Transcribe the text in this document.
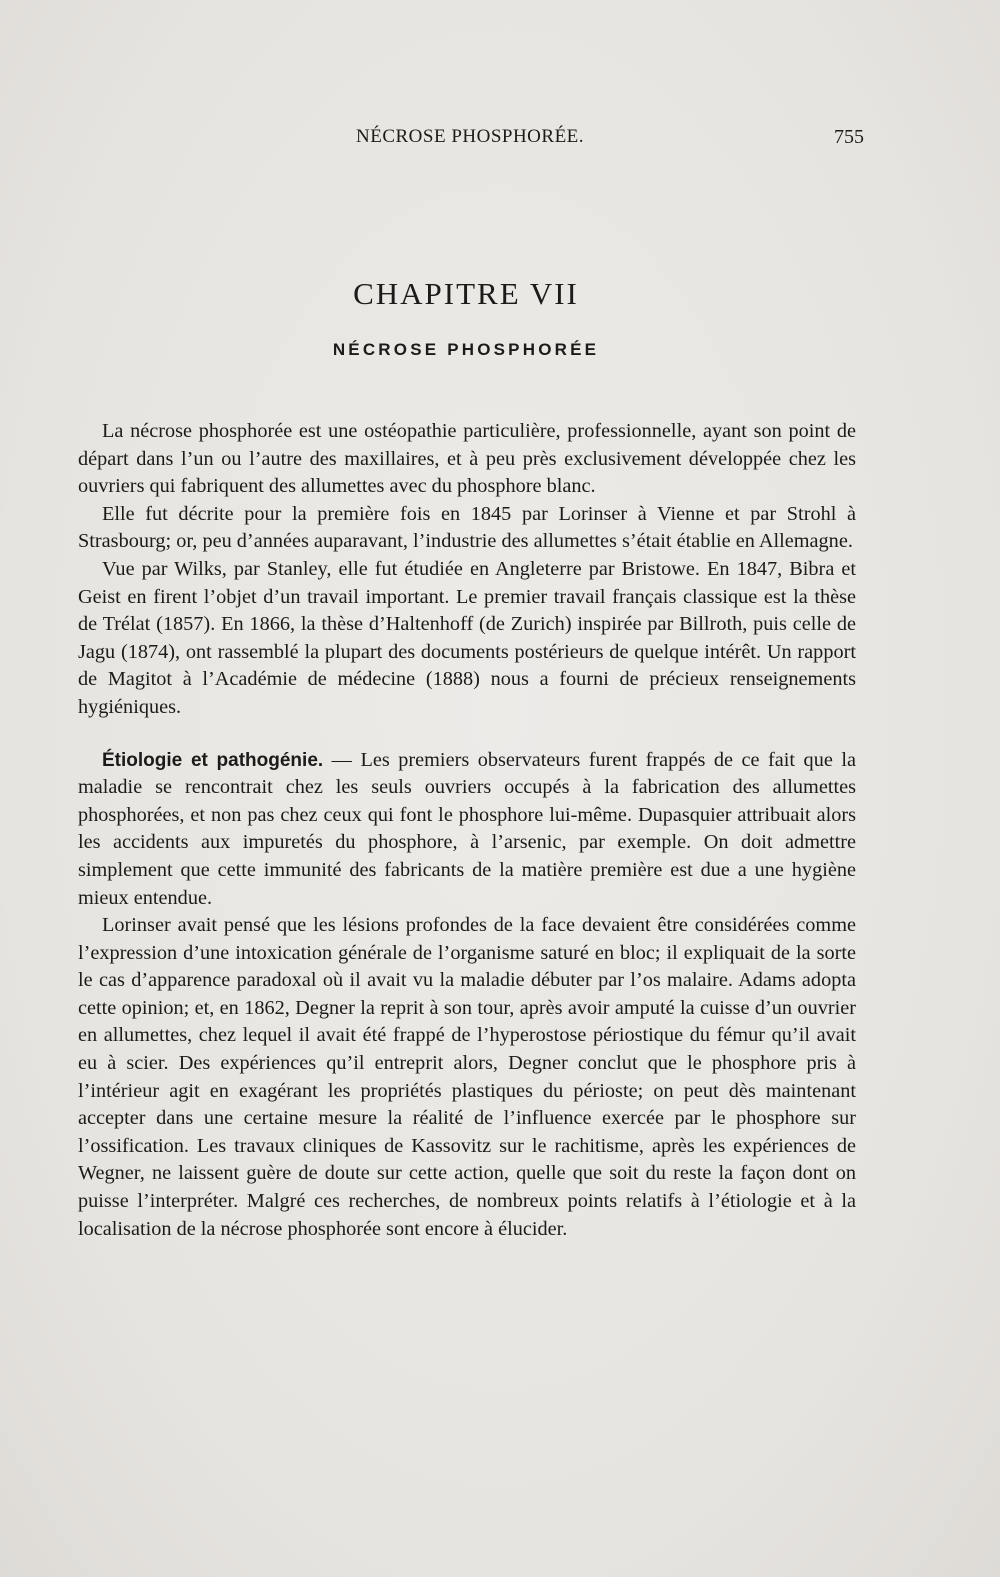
NÉCROSE PHOSPHORÉE.	755
CHAPITRE VII
NÉCROSE PHOSPHORÉE

La nécrose phosphorée est une ostéopathie particulière, professionnelle, ayant son point de départ dans l’un ou l’autre des maxillaires, et à peu près exclusivement développée chez les ouvriers qui fabriquent des allumettes avec du phosphore blanc.

Elle fut décrite pour la première fois en 1845 par Lorinser à Vienne et par Strohl à Strasbourg; or, peu d’années auparavant, l’industrie des allumettes s’était établie en Allemagne.

Vue par Wilks, par Stanley, elle fut étudiée en Angleterre par Bristowe. En 1847, Bibra et Geist en firent l’objet d’un travail important. Le premier travail français classique est la thèse de Trélat (1857). En 1866, la thèse d’Haltenhoff (de Zurich) inspirée par Billroth, puis celle de Jagu (1874), ont rassemblé la plupart des documents postérieurs de quelque intérêt. Un rapport de Magitot à l’Académie de médecine (1888) nous a fourni de précieux renseignements hygiéniques.

Étiologie et pathogénie. — Les premiers observateurs furent frappés de ce fait que la maladie se rencontrait chez les seuls ouvriers occupés à la fabrication des allumettes phosphorées, et non pas chez ceux qui font le phosphore lui-même. Dupasquier attribuait alors les accidents aux impuretés du phosphore, à l’arsenic, par exemple. On doit admettre simplement que cette immunité des fabricants de la matière première est due a une hygiène mieux entendue.

Lorinser avait pensé que les lésions profondes de la face devaient être considérées comme l’expression d’une intoxication générale de l’organisme saturé en bloc; il expliquait de la sorte le cas d’apparence paradoxal où il avait vu la maladie débuter par l’os malaire. Adams adopta cette opinion; et, en 1862, Degner la reprit à son tour, après avoir amputé la cuisse d’un ouvrier en allumettes, chez lequel il avait été frappé de l’hyperostose périostique du fémur qu’il avait eu à scier. Des expériences qu’il entreprit alors, Degner conclut que le phosphore pris à l’intérieur agit en exagérant les propriétés plastiques du périoste; on peut dès maintenant accepter dans une certaine mesure la réalité de l’influence exercée par le phosphore sur l’ossification. Les travaux cliniques de Kassovitz sur le rachitisme, après les expériences de Wegner, ne laissent guère de doute sur cette action, quelle que soit du reste la façon dont on puisse l’interpréter. Malgré ces recherches, de nombreux points relatifs à l’étiologie et à la localisation de la nécrose phosphorée sont encore à élucider.
